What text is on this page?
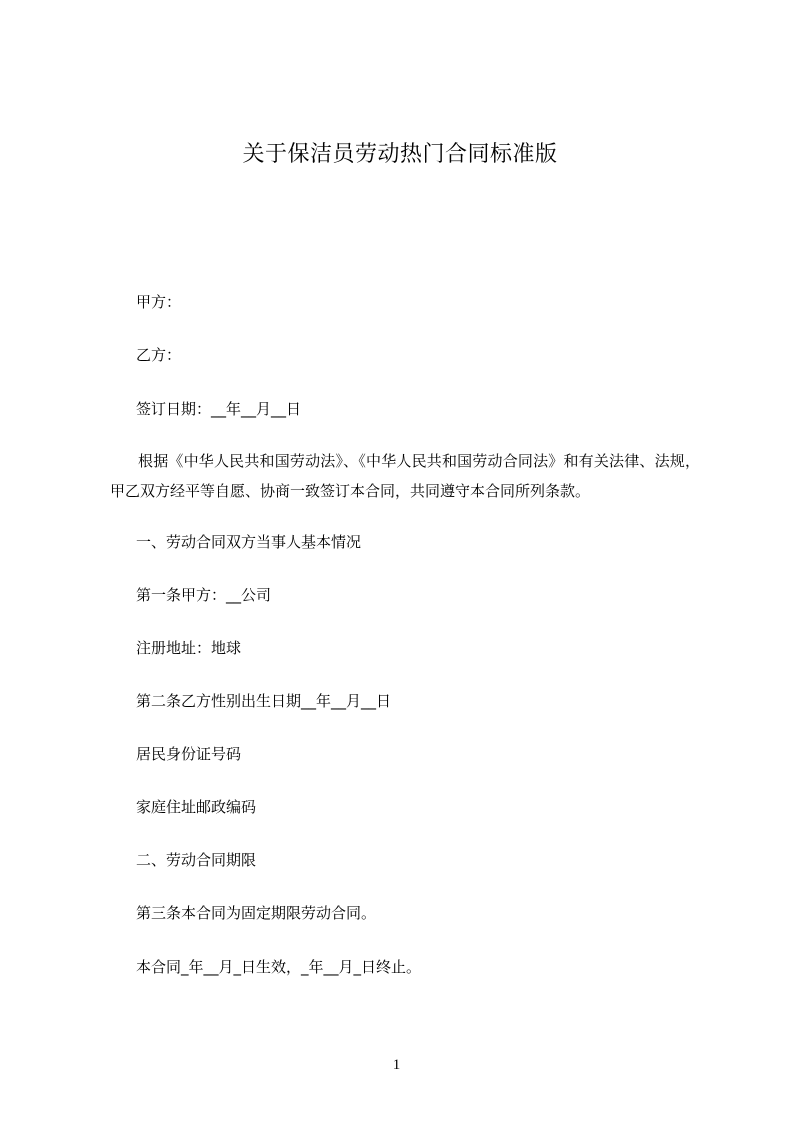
关于保洁员劳动热门合同标准版

甲方：

乙方：

签订日期：__年__月__日

根据《中华人民共和国劳动法》、《中华人民共和国劳动合同法》和有关法律、法规，甲乙双方经平等自愿、协商一致签订本合同，共同遵守本合同所列条款。

一、劳动合同双方当事人基本情况

第一条甲方：__公司

注册地址：地球

第二条乙方性别出生日期__年__月__日

居民身份证号码

家庭住址邮政编码

二、劳动合同期限

第三条本合同为固定期限劳动合同。

本合同_年__月_日生效，_年__月_日终止。

1
